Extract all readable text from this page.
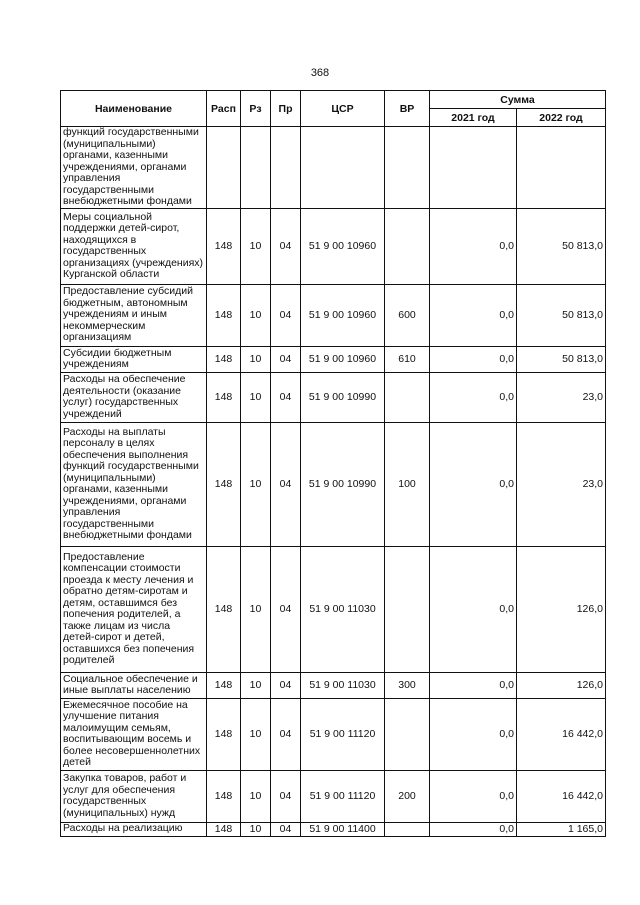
368
Наименование	Расп	Рз	Пр	ЦСР	ВР	Сумма	
						2021 год	2022 год
функций государственными (муниципальными) органами, казенными учреждениями, органами управления государственными внебюджетными фондами							
Меры социальной поддержки детей-сирот, находящихся в государственных организациях (учреждениях) Курганской области	148	10	04	51 9 00 10960		0,0	50 813,0
Предоставление субсидий бюджетным, автономным учреждениям и иным некоммерческим организациям	148	10	04	51 9 00 10960	600	0,0	50 813,0
Субсидии бюджетным учреждениям	148	10	04	51 9 00 10960	610	0,0	50 813,0
Расходы на обеспечение деятельности (оказание услуг) государственных учреждений	148	10	04	51 9 00 10990		0,0	23,0
Расходы на выплаты персоналу в целях обеспечения выполнения функций государственными (муниципальными) органами, казенными учреждениями, органами управления государственными внебюджетными фондами	148	10	04	51 9 00 10990	100	0,0	23,0
Предоставление компенсации стоимости проезда к месту лечения и обратно детям-сиротам и детям, оставшимся без попечения родителей, а также лицам из числа детей-сирот и детей, оставшихся без попечения родителей	148	10	04	51 9 00 11030		0,0	126,0
Социальное обеспечение и иные выплаты населению	148	10	04	51 9 00 11030	300	0,0	126,0
Ежемесячное пособие на улучшение питания малоимущим семьям, воспитывающим восемь и более несовершеннолетних детей	148	10	04	51 9 00 11120		0,0	16 442,0
Закупка товаров, работ и услуг для обеспечения государственных (муниципальных) нужд	148	10	04	51 9 00 11120	200	0,0	16 442,0
Расходы на реализацию	148	10	04	51 9 00 11400		0,0	1 165,0
